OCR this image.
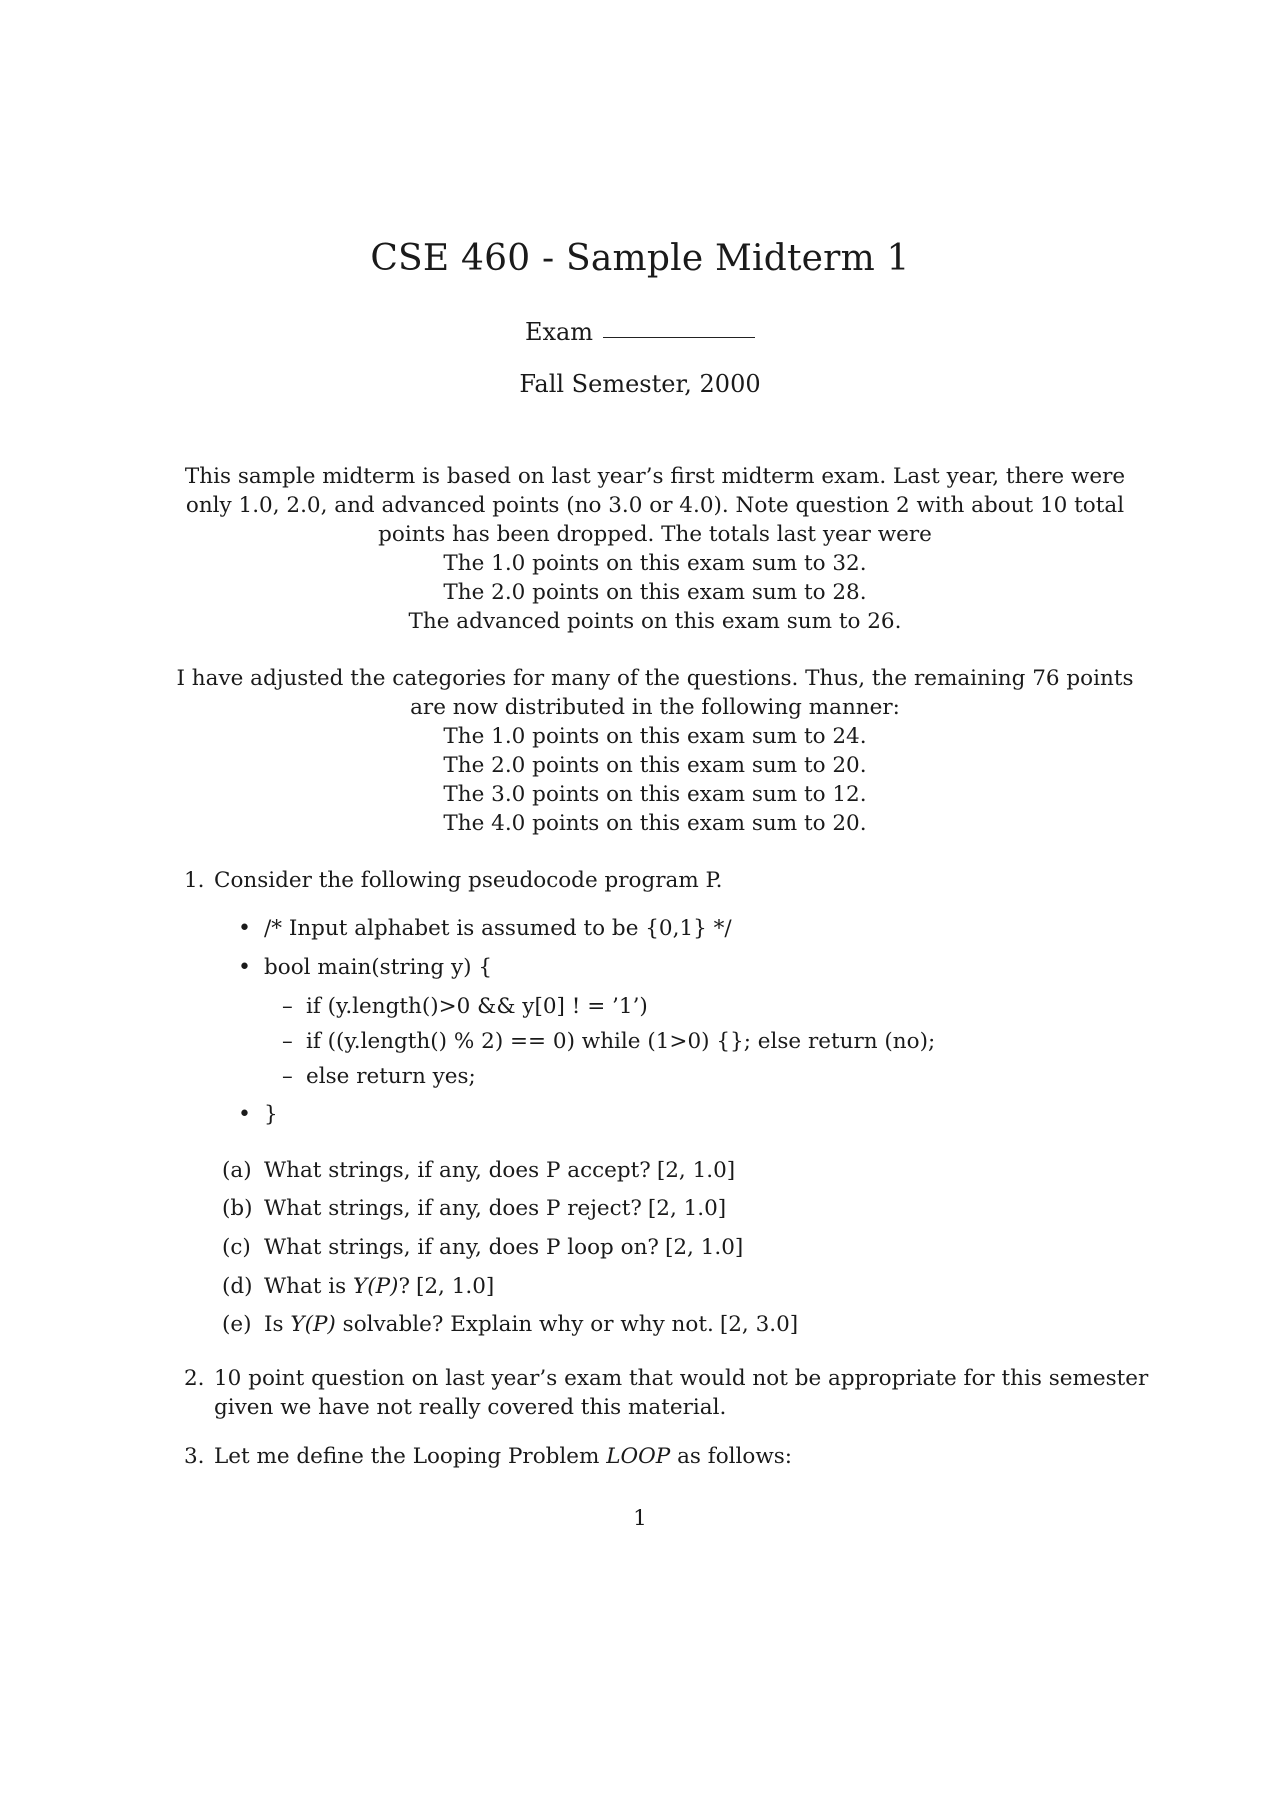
CSE 460 - Sample Midterm 1
Exam
Fall Semester, 2000

This sample midterm is based on last year’s first midterm exam. Last year, there were only 1.0, 2.0, and advanced points (no 3.0 or 4.0). Note question 2 with about 10 total points has been dropped. The totals last year were

The 1.0 points on this exam sum to 32.
The 2.0 points on this exam sum to 28.
The advanced points on this exam sum to 26.

I have adjusted the categories for many of the questions. Thus, the remaining 76 points are now distributed in the following manner:

The 1.0 points on this exam sum to 24.
The 2.0 points on this exam sum to 20.
The 3.0 points on this exam sum to 12.
The 4.0 points on this exam sum to 20.
1. Consider the following pseudocode program P.
• /* Input alphabet is assumed to be {0,1} */
• bool main(string y) {
– if (y.length()>0 && y[0] ! = ’1’)
– if ((y.length() % 2) == 0) while (1>0) {}; else return (no);
– else return yes;
• }
(a) What strings, if any, does P accept? [2, 1.0]
(b) What strings, if any, does P reject? [2, 1.0]
(c) What strings, if any, does P loop on? [2, 1.0]
(d) What is Y(P)? [2, 1.0]
(e) Is Y(P) solvable? Explain why or why not. [2, 3.0]
2. 10 point question on last year’s exam that would not be appropriate for this semester given we have not really covered this material.
3. Let me define the Looping Problem LOOP as follows:
1
